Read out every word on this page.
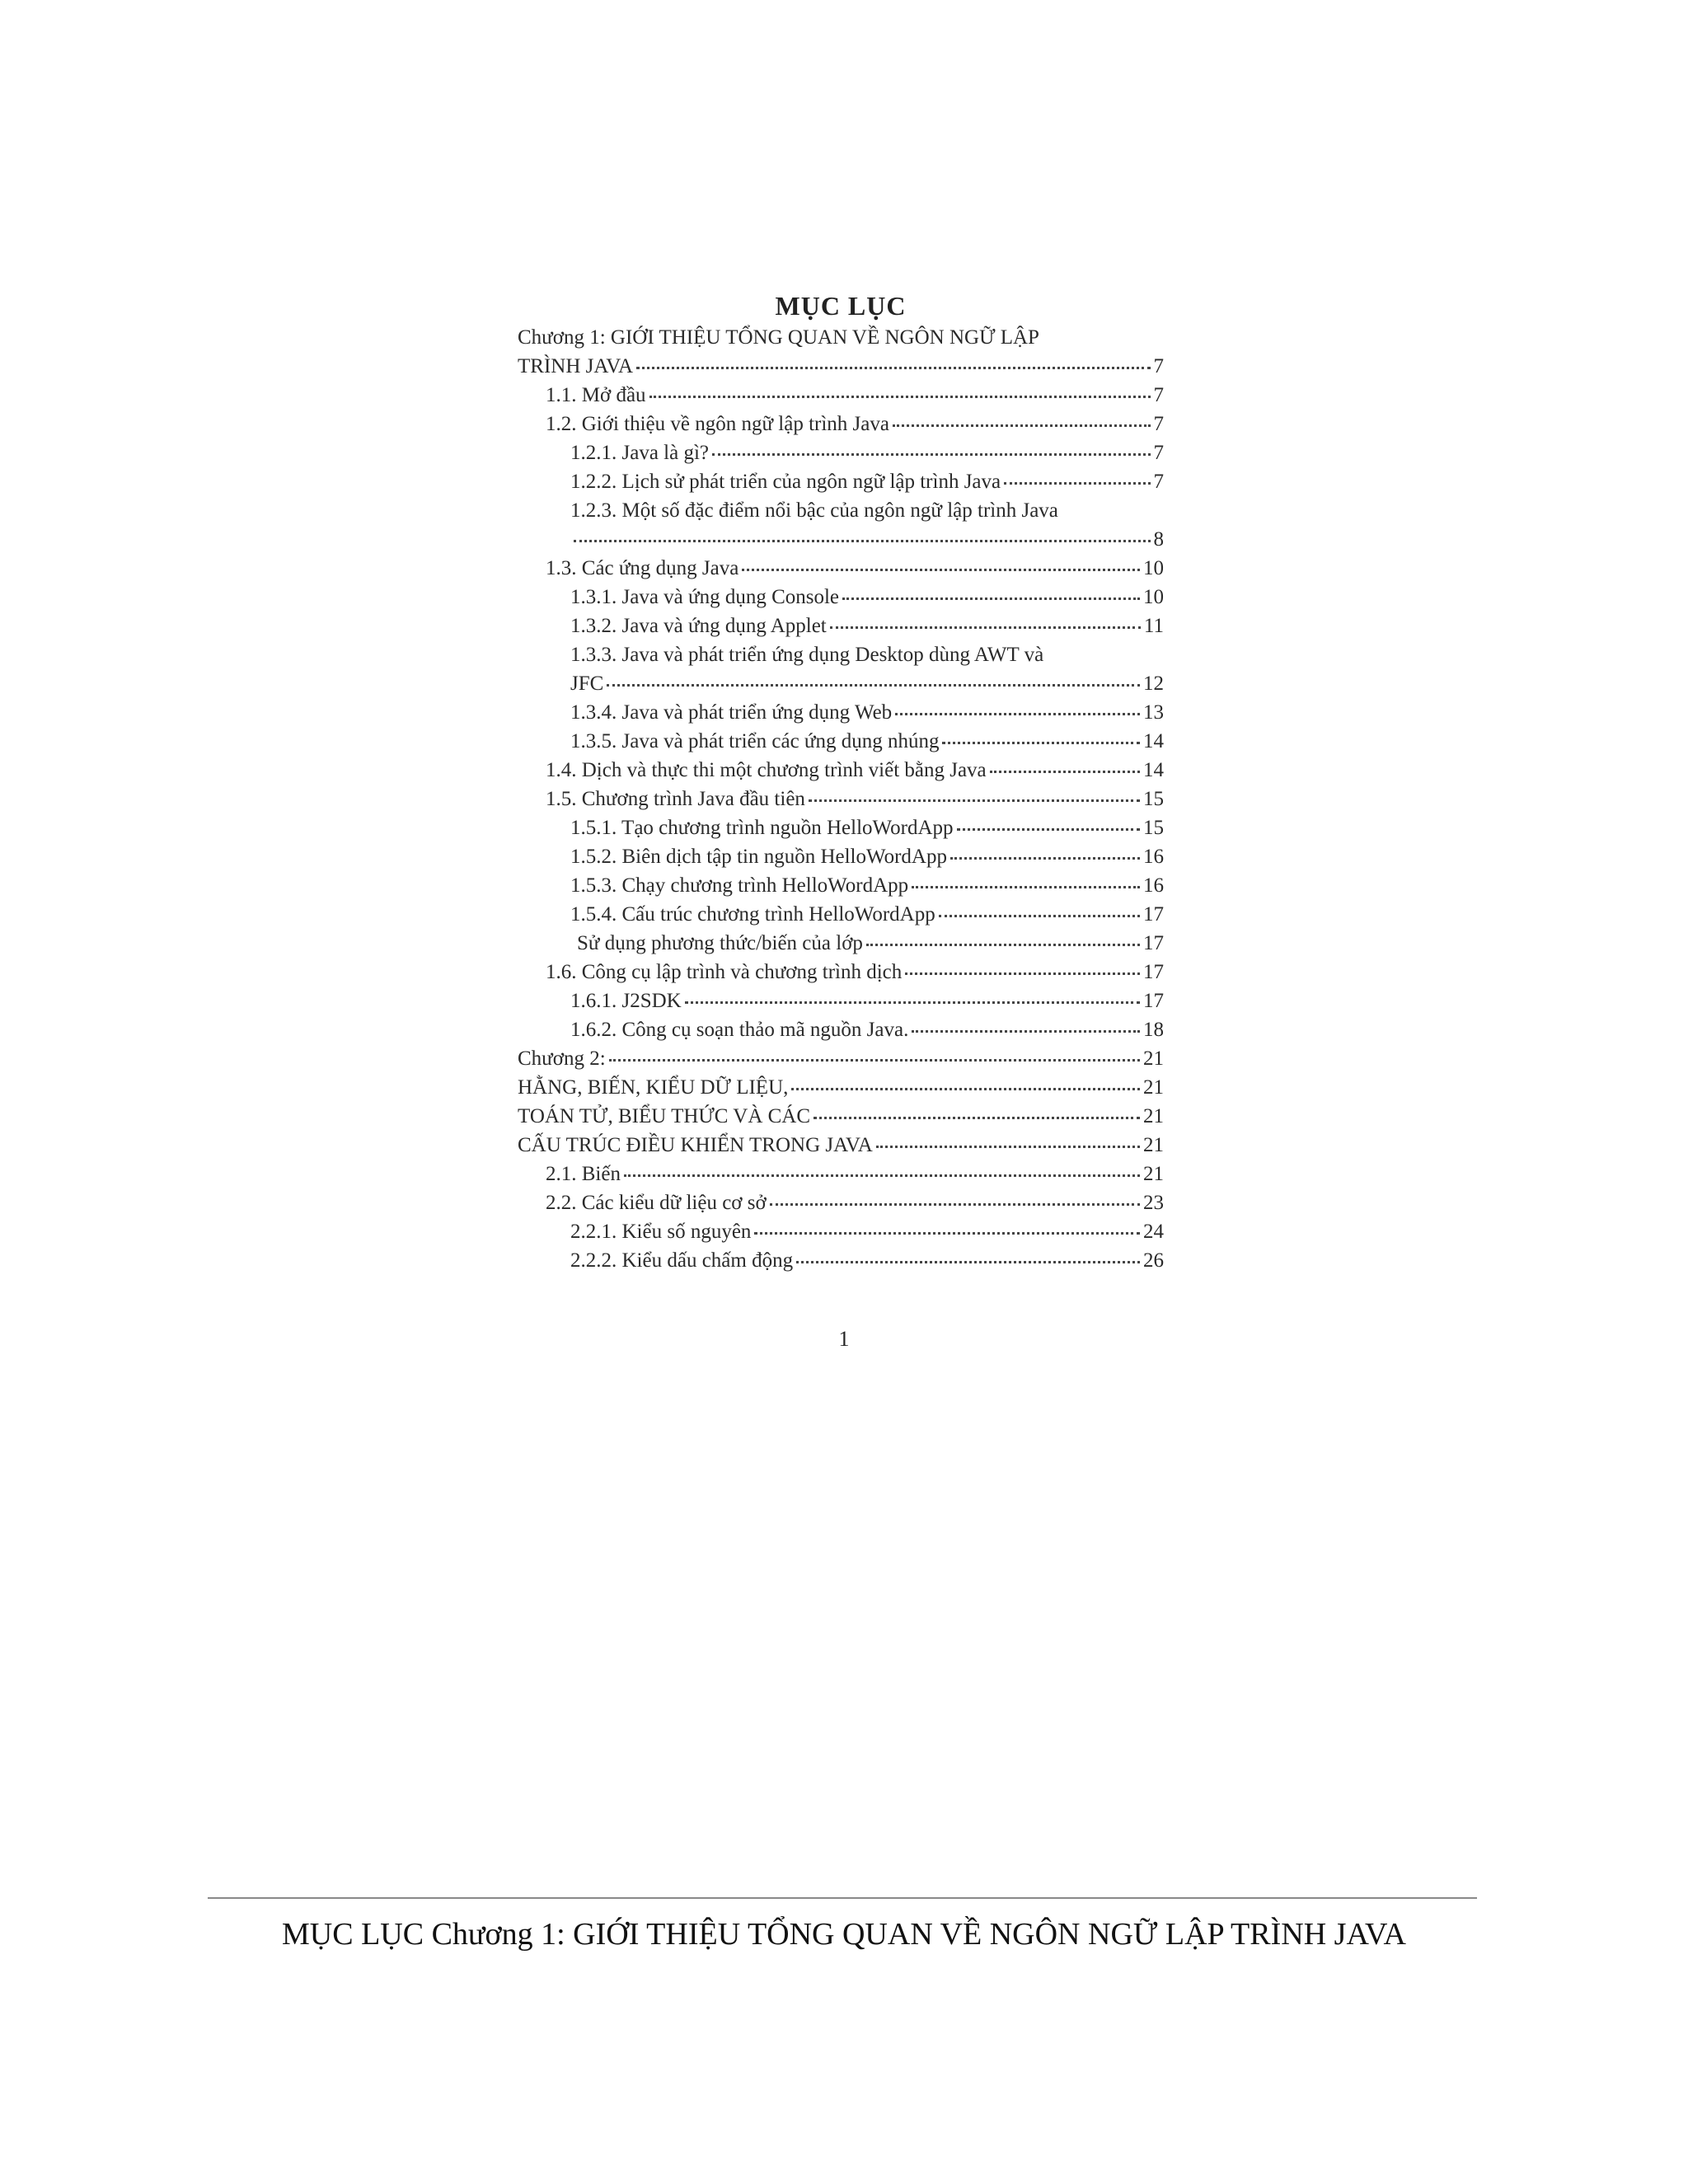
MỤC LỤC
Chương 1: GIỚI THIỆU TỔNG QUAN VỀ NGÔN NGỮ LẬP
TRÌNH JAVA	7
1.1. Mở đầu	7
1.2. Giới thiệu về ngôn ngữ lập trình Java	7
1.2.1. Java là gì?	7
1.2.2. Lịch sử phát triển của ngôn ngữ lập trình Java	7
1.2.3. Một số đặc điểm nổi bậc của ngôn ngữ lập trình Java
8
1.3. Các ứng dụng Java	10
1.3.1. Java và ứng dụng Console	10
1.3.2. Java và ứng dụng Applet	11
1.3.3. Java và phát triển ứng dụng Desktop dùng AWT và
JFC	12
1.3.4. Java và phát triển ứng dụng Web	13
1.3.5. Java và phát triển các ứng dụng nhúng	14
1.4. Dịch và thực thi một chương trình viết bằng Java	14
1.5. Chương trình Java đầu tiên	15
1.5.1. Tạo chương trình nguồn HelloWordApp	15
1.5.2. Biên dịch tập tin nguồn HelloWordApp	16
1.5.3. Chạy chương trình HelloWordApp	16
1.5.4. Cấu trúc chương trình HelloWordApp	17
Sử dụng phương thức/biến của lớp	17
1.6. Công cụ lập trình và chương trình dịch	17
1.6.1. J2SDK	17
1.6.2. Công cụ soạn thảo mã nguồn Java.	18
Chương 2:	21
HẰNG, BIẾN, KIỂU DỮ LIỆU,	21
TOÁN TỬ, BIỂU THỨC VÀ CÁC	21
CẤU TRÚC ĐIỀU KHIỂN TRONG JAVA	21
2.1. Biến	21
2.2. Các kiểu dữ liệu cơ sở	23
2.2.1. Kiểu số nguyên	24
2.2.2. Kiểu dấu chấm động	26
1
MỤC LỤC Chương 1: GIỚI THIỆU TỔNG QUAN VỀ NGÔN NGỮ LẬP TRÌNH JAVA
